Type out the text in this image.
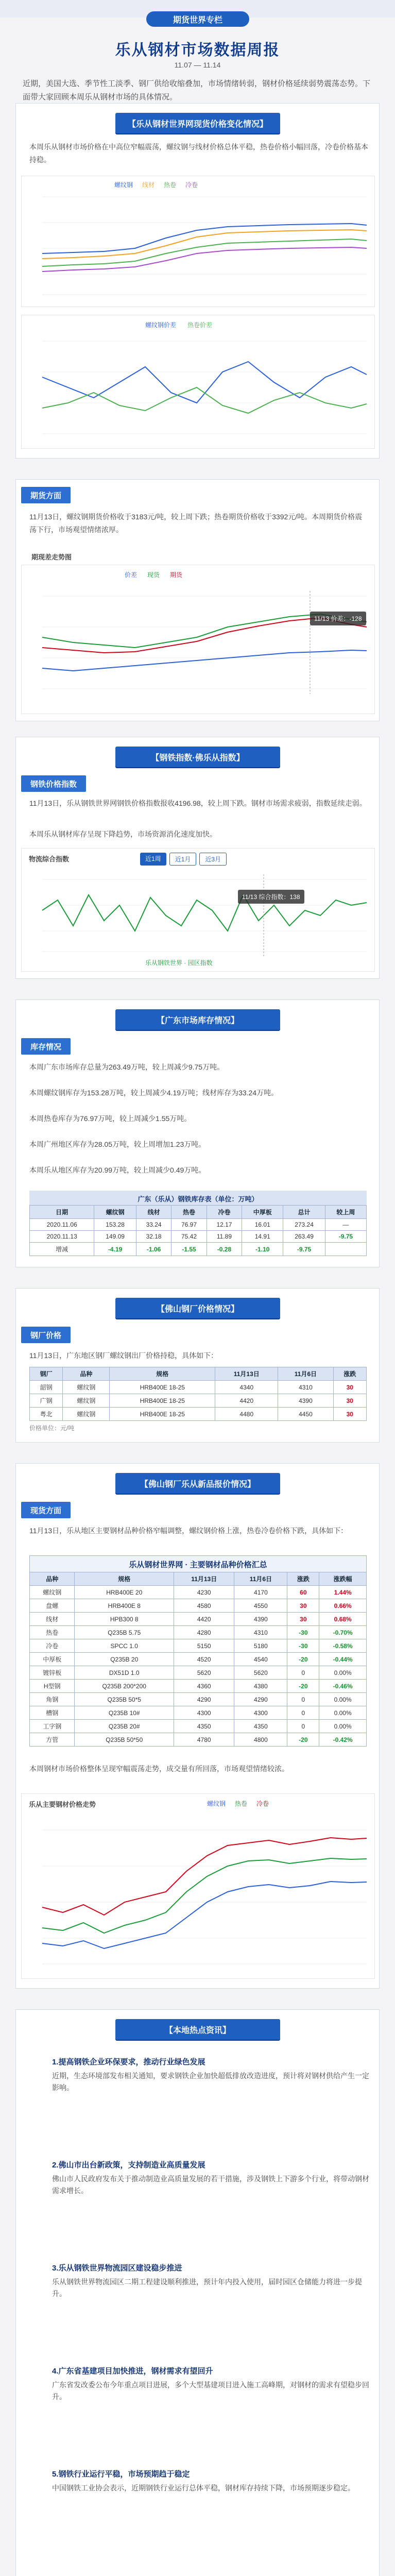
期货世界专栏
乐从钢材市场数据周报
11.07 — 11.14
近期，美国大选、季节性工淡季、钢厂供给收缩叠加，市场情绪转弱，钢材价格延续弱势震荡态势。下面带大家回顾本周乐从钢材市场的具体情况。
【乐从钢材世界网现货价格变化情况】
本周乐从钢材市场价格在中高位窄幅震荡，螺纹钢与线材价格总体平稳，热卷价格小幅回落，冷卷价格基本持稳。
螺纹钢 线材 热卷 冷卷
螺纹钢价差 热卷价差
期货方面
11月13日，螺纹钢期货价格收于3183元/吨，较上周下跌；热卷期货价格收于3392元/吨。本周期货价格震荡下行，市场观望情绪浓厚。
期现差走势图
价差 现货 期货
11/13 价差：-128
【钢铁指数·佛乐从指数】
钢铁价格指数
11月13日，乐从钢铁世界网钢铁价格指数报收4196.98，较上周下跌。钢材市场需求疲弱，指数延续走弱。
本周乐从钢材库存呈现下降趋势，市场资源消化速度加快。
物流综合指数	近1周	近1月	近3月
11/13 综合指数：138
乐从钢铁世界 · 园区指数
【广东市场库存情况】
库存情况
本周广东市场库存总量为263.49万吨，较上周减少9.75万吨。
本周螺纹钢库存为153.28万吨，较上周减少4.19万吨；线材库存为33.24万吨。
本周热卷库存为76.97万吨，较上周减少1.55万吨。
本周广州地区库存为28.05万吨，较上周增加1.23万吨。
本周乐从地区库存为20.99万吨，较上周减少0.49万吨。
广东（乐从）钢铁库存表（单位：万吨）
日期	螺纹钢	线材	热卷	冷卷	中厚板	总计	较上周
2020.11.06	153.28	33.24	76.97	12.17	16.01	273.24	—
2020.11.13	149.09	32.18	75.42	11.89	14.91	263.49	-9.75
增减	-4.19	-1.06	-1.55	-0.28	-1.10	-9.75	
【佛山钢厂价格情况】
钢厂价格
11月13日，广东地区钢厂螺纹钢出厂价格持稳，具体如下：
钢厂	品种	规格	11月13日	11月6日	涨跌
韶钢	螺纹钢	HRB400E 18-25	4340	4310	30
广钢	螺纹钢	HRB400E 18-25	4420	4390	30
粤北	螺纹钢	HRB400E 18-25	4480	4450	30
价格单位：元/吨
【佛山钢厂乐从新品报价情况】
现货方面
11月13日，乐从地区主要钢材品种价格窄幅调整，螺纹钢价格上涨，热卷冷卷价格下跌，具体如下：
乐从钢材世界网 · 主要钢材品种价格汇总
品种	规格	11月13日	11月6日	涨跌	涨跌幅
螺纹钢	HRB400E 20	4230	4170	60	1.44%
盘螺	HRB400E 8	4580	4550	30	0.66%
线材	HPB300 8	4420	4390	30	0.68%
热卷	Q235B 5.75	4280	4310	-30	-0.70%
冷卷	SPCC 1.0	5150	5180	-30	-0.58%
中厚板	Q235B 20	4520	4540	-20	-0.44%
镀锌板	DX51D 1.0	5620	5620	0	0.00%
H型钢	Q235B 200*200	4360	4380	-20	-0.46%
角钢	Q235B 50*5	4290	4290	0	0.00%
槽钢	Q235B 10#	4300	4300	0	0.00%
工字钢	Q235B 20#	4350	4350	0	0.00%
方管	Q235B 50*50	4780	4800	-20	-0.42%
本周钢材市场价格整体呈现窄幅震荡走势，成交量有所回落，市场观望情绪较浓。
乐从主要钢材价格走势	螺纹钢 热卷 冷卷
【本地热点资讯】
1.提高钢铁企业环保要求，推动行业绿色发展
近期，生态环境部发布相关通知，要求钢铁企业加快超低排放改造进度，预计将对钢材供给产生一定影响。
2.佛山市出台新政策，支持制造业高质量发展
佛山市人民政府发布关于推动制造业高质量发展的若干措施，涉及钢铁上下游多个行业，将带动钢材需求增长。
3.乐从钢铁世界物流园区建设稳步推进
乐从钢铁世界物流园区二期工程建设顺利推进，预计年内投入使用，届时园区仓储能力将进一步提升。
4.广东省基建项目加快推进，钢材需求有望回升
广东省发改委公布今年重点项目进展，多个大型基建项目进入施工高峰期，对钢材的需求有望稳步回升。
5.钢铁行业运行平稳，市场预期趋于稳定
中国钢铁工业协会表示，近期钢铁行业运行总体平稳，钢材库存持续下降，市场预期逐步稳定。
